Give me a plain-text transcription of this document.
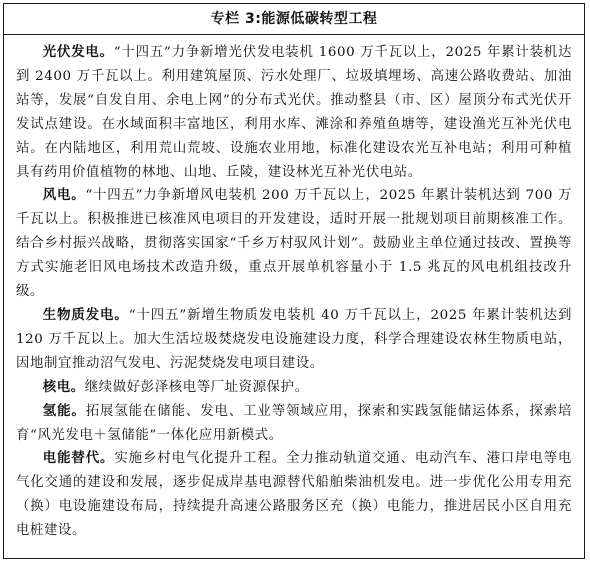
专栏 3:能源低碳转型工程

光伏发电。“十四五”力争新增光伏发电装机 1600 万千瓦以上，2025 年累计装机达到 2400 万千瓦以上。利用建筑屋顶、污水处理厂、垃圾填埋场、高速公路收费站、加油站等，发展“自发自用、余电上网”的分布式光伏。推动整县（市、区）屋顶分布式光伏开发试点建设。在水域面积丰富地区，利用水库、滩涂和养殖鱼塘等，建设渔光互补光伏电站。在内陆地区，利用荒山荒坡、设施农业用地，标准化建设农光互补电站；利用可种植具有药用价值植物的林地、山地、丘陵，建设林光互补光伏电站。

风电。“十四五”力争新增风电装机 200 万千瓦以上，2025 年累计装机达到 700 万千瓦以上。积极推进已核准风电项目的开发建设，适时开展一批规划项目前期核准工作。结合乡村振兴战略，贯彻落实国家“千乡万村驭风计划”。鼓励业主单位通过技改、置换等方式实施老旧风电场技术改造升级，重点开展单机容量小于 1.5 兆瓦的风电机组技改升级。

生物质发电。“十四五”新增生物质发电装机 40 万千瓦以上，2025 年累计装机达到 120 万千瓦以上。加大生活垃圾焚烧发电设施建设力度，科学合理建设农林生物质电站，因地制宜推动沼气发电、污泥焚烧发电项目建设。

核电。继续做好彭泽核电等厂址资源保护。

氢能。拓展氢能在储能、发电、工业等领域应用，探索和实践氢能储运体系，探索培育“风光发电＋氢储能”一体化应用新模式。

电能替代。实施乡村电气化提升工程。全力推动轨道交通、电动汽车、港口岸电等电气化交通的建设和发展，逐步促成岸基电源替代船舶柴油机发电。进一步优化公用专用充（换）电设施建设布局，持续提升高速公路服务区充（换）电能力，推进居民小区自用充电桩建设。
